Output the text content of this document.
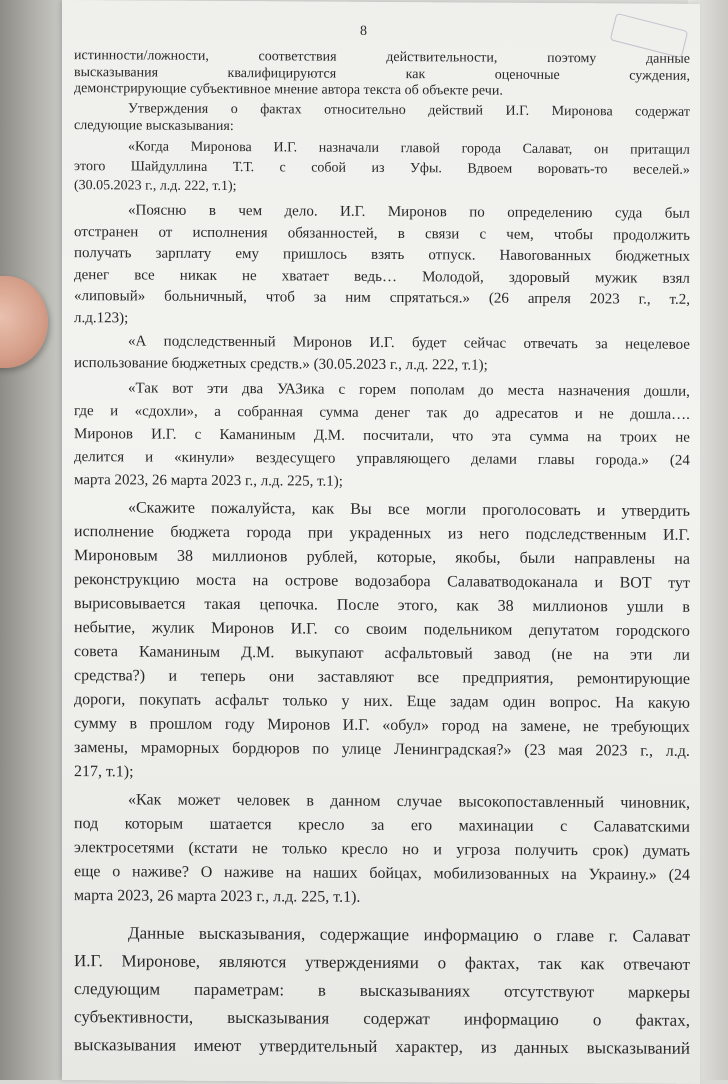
8
истинности/ложности,	соответствия	действительности,	поэтому	данные
высказывания	квалифицируются	как	оценочные	суждения,
демонстрирующие субъективное мнение автора текста об объекте речи.
Утверждения о фактах относительно действий И.Г. Миронова содержат
следующие высказывания:
«Когда Миронова И.Г. назначали главой города Салават, он притащил
этого Шайдуллина Т.Т. с собой из Уфы. Вдвоем воровать-то веселей.»
(30.05.2023 г., л.д. 222, т.1);
«Поясню в чем дело. И.Г. Миронов по определению суда был
отстранен от исполнения обязанностей, в связи с чем, чтобы продолжить
получать зарплату ему пришлось взять отпуск. Навorованных бюджетных
денег все никак не хватает ведь… Молодой, здоровый мужик взял
«липовый» больничный, чтоб за ним спрятаться.» (26 апреля 2023 г., т.2,
л.д.123);
«А подследственный Миронов И.Г. будет сейчас отвечать за нецелевое
использование бюджетных средств.» (30.05.2023 г., л.д. 222, т.1);
«Так вот эти два УАЗика с горем пополам до места назначения дошли,
где и «сдохли», а собранная сумма денег так до адресатов и не дошла….
Миронов И.Г. с Каманиным Д.М. посчитали, что эта сумма на троих не
делится и «кинули» вездесущего управляющего делами главы города.» (24
марта 2023, 26 марта 2023 г., л.д. 225, т.1);
«Скажите пожалуйста, как Вы все могли проголосовать и утвердить
исполнение бюджета города при украденных из него подследственным И.Г.
Мироновым 38 миллионов рублей, которые, якобы, были направлены на
реконструкцию моста на острове водозабора Салаватводоканала и ВОТ тут
вырисовывается такая цепочка. После этого, как 38 миллионов ушли в
небытие, жулик Миронов И.Г. со своим подельником депутатом городского
совета Каманиным Д.М. выкупают асфальтовый завод (не на эти ли
средства?) и теперь они заставляют все предприятия, ремонтирующие
дороги, покупать асфальт только у них. Еще задам один вопрос. На какую
сумму в прошлом году Миронов И.Г. «обул» город на замене, не требующих
замены, мраморных бордюров по улице Ленинградская?» (23 мая 2023 г., л.д.
217, т.1);
«Как может человек в данном случае высокопоставленный чиновник,
под которым шатается кресло за его махинации с Салаватскими
электросетями (кстати не только кресло но и угроза получить срок) думать
еще о наживе? О наживе на наших бойцах, мобилизованных на Украину.» (24
марта 2023, 26 марта 2023 г., л.д. 225, т.1).
Данные высказывания, содержащие информацию о главе г. Салават
И.Г. Миронове, являются утверждениями о фактах, так как отвечают
следующим параметрам: в высказываниях отсутствуют маркеры
субъективности, высказывания содержат информацию о фактах,
высказывания имеют утвердительный характер, из данных высказываний
